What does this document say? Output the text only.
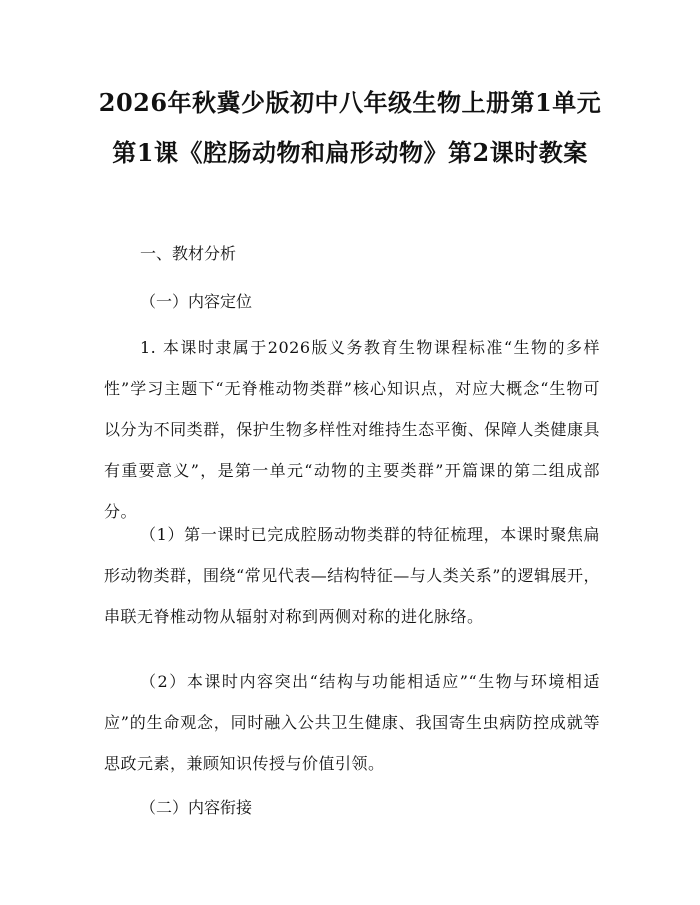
2026年秋冀少版初中八年级生物上册第1单元第1课《腔肠动物和扁形动物》第2课时教案

一、教材分析

（一）内容定位

1. 本课时隶属于2026版义务教育生物课程标准“生物的多样性”学习主题下“无脊椎动物类群”核心知识点，对应大概念“生物可以分为不同类群，保护生物多样性对维持生态平衡、保障人类健康具有重要意义”，是第一单元“动物的主要类群”开篇课的第二组成部分。

（1）第一课时已完成腔肠动物类群的特征梳理，本课时聚焦扁形动物类群，围绕“常见代表—结构特征—与人类关系”的逻辑展开，串联无脊椎动物从辐射对称到两侧对称的进化脉络。

（2）本课时内容突出“结构与功能相适应”“生物与环境相适应”的生命观念，同时融入公共卫生健康、我国寄生虫病防控成就等思政元素，兼顾知识传授与价值引领。

（二）内容衔接
